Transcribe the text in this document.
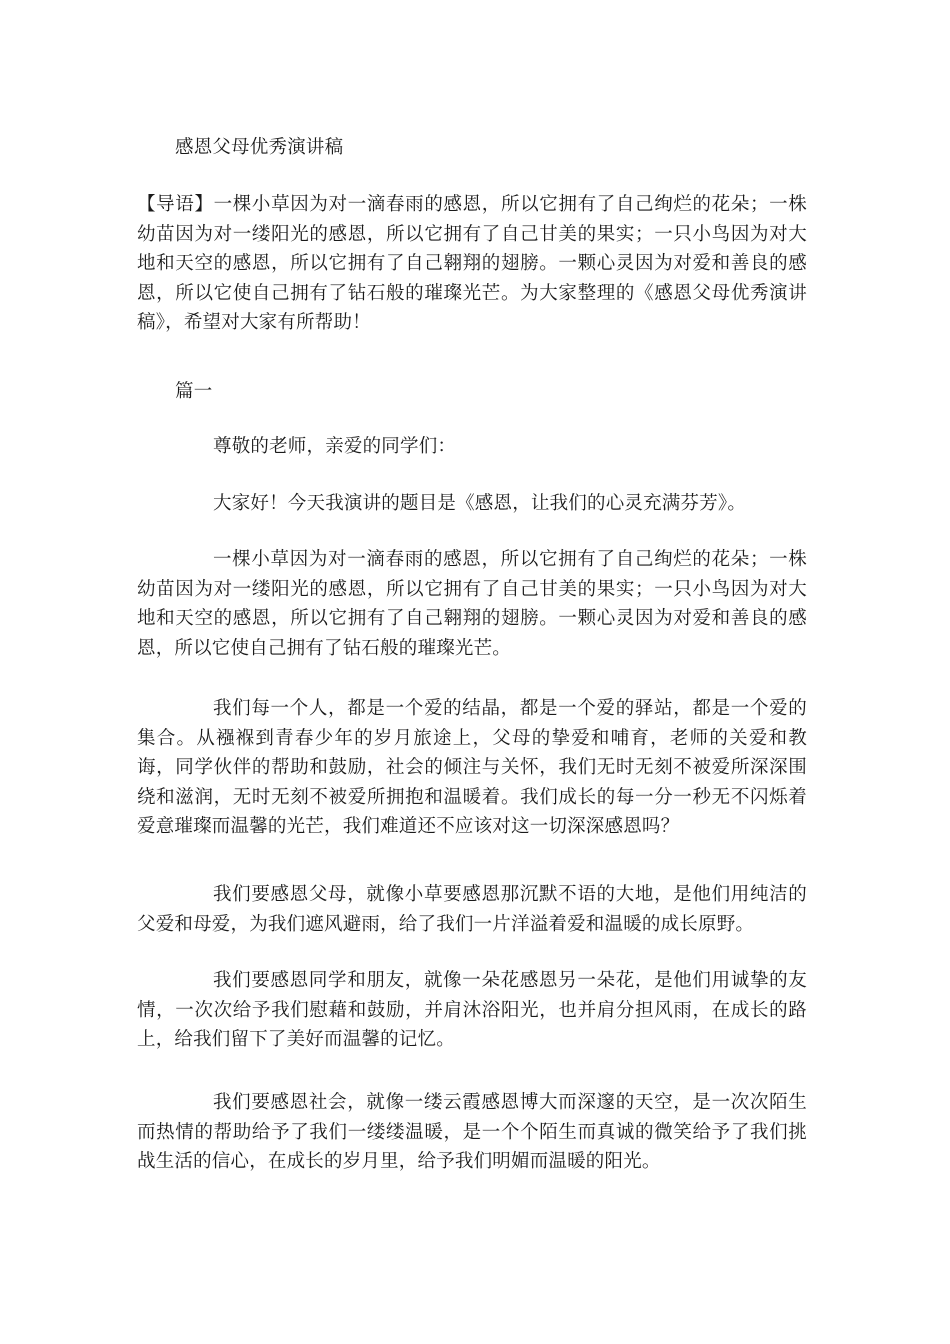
感恩父母优秀演讲稿

【导语】一棵小草因为对一滴春雨的感恩，所以它拥有了自己绚烂的花朵；一株幼苗因为对一缕阳光的感恩，所以它拥有了自己甘美的果实；一只小鸟因为对大地和天空的感恩，所以它拥有了自己翱翔的翅膀。一颗心灵因为对爱和善良的感恩，所以它使自己拥有了钻石般的璀璨光芒。为大家整理的《感恩父母优秀演讲稿》，希望对大家有所帮助！

篇一

尊敬的老师，亲爱的同学们：

大家好！今天我演讲的题目是《感恩，让我们的心灵充满芬芳》。

一棵小草因为对一滴春雨的感恩，所以它拥有了自己绚烂的花朵；一株幼苗因为对一缕阳光的感恩，所以它拥有了自己甘美的果实；一只小鸟因为对大地和天空的感恩，所以它拥有了自己翱翔的翅膀。一颗心灵因为对爱和善良的感恩，所以它使自己拥有了钻石般的璀璨光芒。

我们每一个人，都是一个爱的结晶，都是一个爱的驿站，都是一个爱的集合。从襁褓到青春少年的岁月旅途上，父母的挚爱和哺育，老师的关爱和教诲，同学伙伴的帮助和鼓励，社会的倾注与关怀，我们无时无刻不被爱所深深围绕和滋润，无时无刻不被爱所拥抱和温暖着。我们成长的每一分一秒无不闪烁着爱意璀璨而温馨的光芒，我们难道还不应该对这一切深深感恩吗？

我们要感恩父母，就像小草要感恩那沉默不语的大地，是他们用纯洁的父爱和母爱，为我们遮风避雨，给了我们一片洋溢着爱和温暖的成长原野。

我们要感恩同学和朋友，就像一朵花感恩另一朵花，是他们用诚挚的友情，一次次给予我们慰藉和鼓励，并肩沐浴阳光，也并肩分担风雨，在成长的路上，给我们留下了美好而温馨的记忆。

我们要感恩社会，就像一缕云霞感恩博大而深邃的天空，是一次次陌生而热情的帮助给予了我们一缕缕温暖，是一个个陌生而真诚的微笑给予了我们挑战生活的信心，在成长的岁月里，给予我们明媚而温暖的阳光。
